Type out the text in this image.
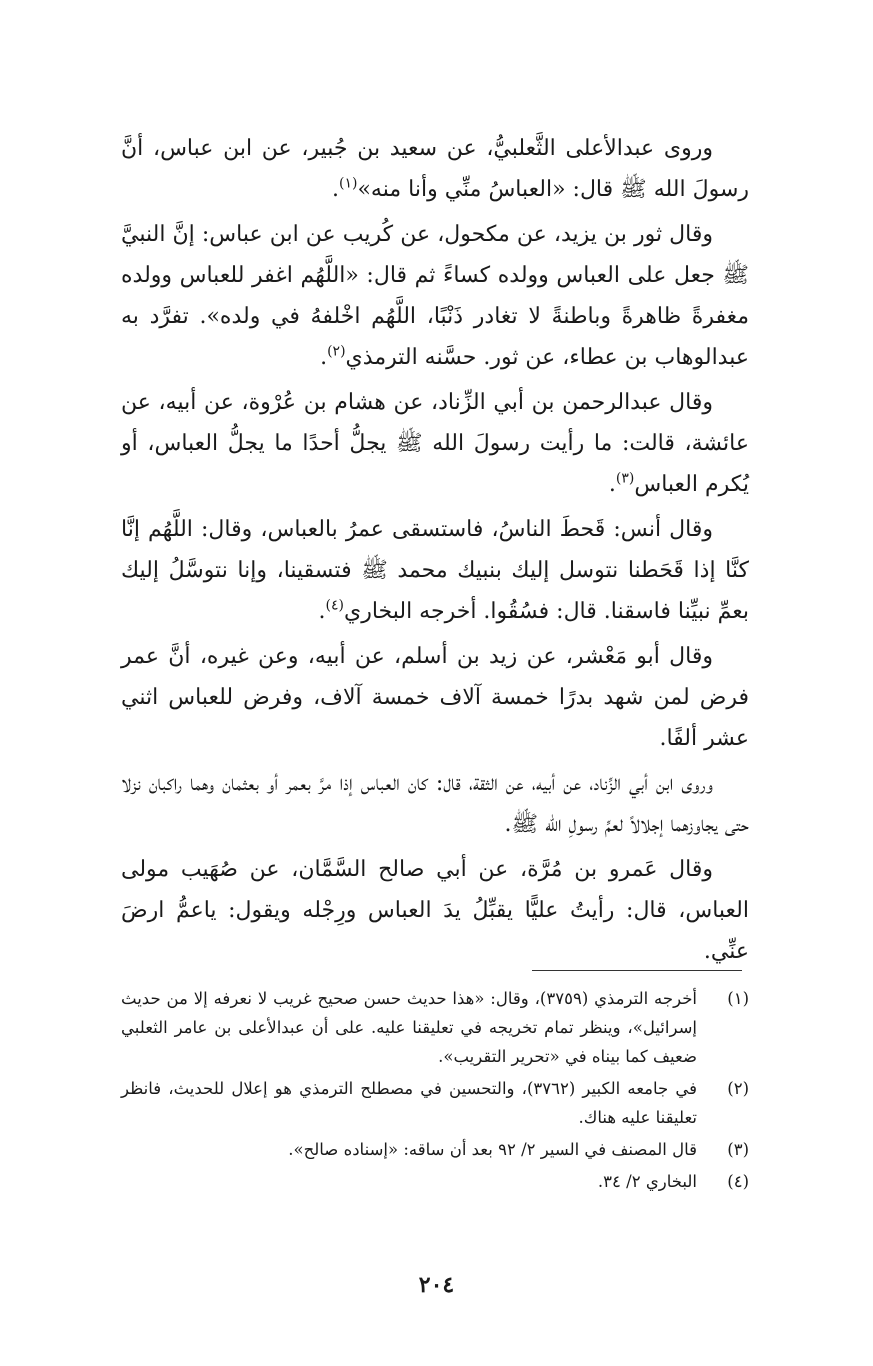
وروى عبدالأعلى الثَّعلبيُّ، عن سعيد بن جُبير، عن ابن عباس، أنَّ رسولَ الله ﷺ قال: «العباسُ منِّي وأنا منه»$^{(١)}$.

وقال ثور بن يزيد، عن مكحول، عن كُريب عن ابن عباس: إنَّ النبيَّ ﷺ جعل على العباس وولده كساءً ثم قال: «اللَّهُم اغفر للعباس وولده مغفرةً ظاهرةً وباطنةً لا تغادر ذَنْبًا، اللَّهُم اخْلفهُ في ولده». تفرَّد به عبدالوهاب بن عطاء، عن ثور. حسَّنه الترمذي$^{(٢)}$.

وقال عبدالرحمن بن أبي الزِّناد، عن هشام بن عُرْوة، عن أبيه، عن عائشة، قالت: ما رأيت رسولَ الله ﷺ يجلُّ أحدًا ما يجلُّ العباس، أو يُكرم العباس$^{(٣)}$.

وقال أنس: قَحطَ الناسُ، فاستسقى عمرُ بالعباس، وقال: اللَّهُم إنَّا كنَّا إذا قَحَطنا نتوسل إليك بنبيك محمد ﷺ فتسقينا، وإنا نتوسَّلُ إليك بعمِّ نبيِّنا فاسقنا. قال: فسُقُوا. أخرجه البخاري$^{(٤)}$.

وقال أبو مَعْشر، عن زيد بن أسلم، عن أبيه، وعن غيره، أنَّ عمر فرض لمن شهد بدرًا خمسة آلاف خمسة آلاف، وفرض للعباس اثني عشر ألفًا.

وروى ابن أبي الزِّناد، عن أبيه، عن الثقة، قال: كان العباس إذا مرَّ بعمر أو بعثمان وهما راكبان نزلا حتى يجاوزهما إجلالاً لعمِّ رسولِ الله ﷺ.

وقال عَمرو بن مُرَّة، عن أبي صالح السَّمَّان، عن صُهَيب مولى العباس، قال: رأيتُ عليًّا يقبِّلُ يدَ العباس ورِجْله ويقول: ياعمُّ ارضَ عنِّي.

(١)
أخرجه الترمذي (٣٧٥٩)، وقال: «هذا حديث حسن صحيح غريب لا نعرفه إلا من حديث إسرائيل»، وينظر تمام تخريجه في تعليقنا عليه. على أن عبدالأعلى بن عامر الثعلبي ضعيف كما بيناه في «تحرير التقريب».
(٢)
في جامعه الكبير (٣٧٦٢)، والتحسين في مصطلح الترمذي هو إعلال للحديث، فانظر تعليقنا عليه هناك.
(٣)
قال المصنف في السير ٢/ ٩٢ بعد أن ساقه: «إسناده صالح».
(٤)
البخاري ٢/ ٣٤.
٢٠٤
